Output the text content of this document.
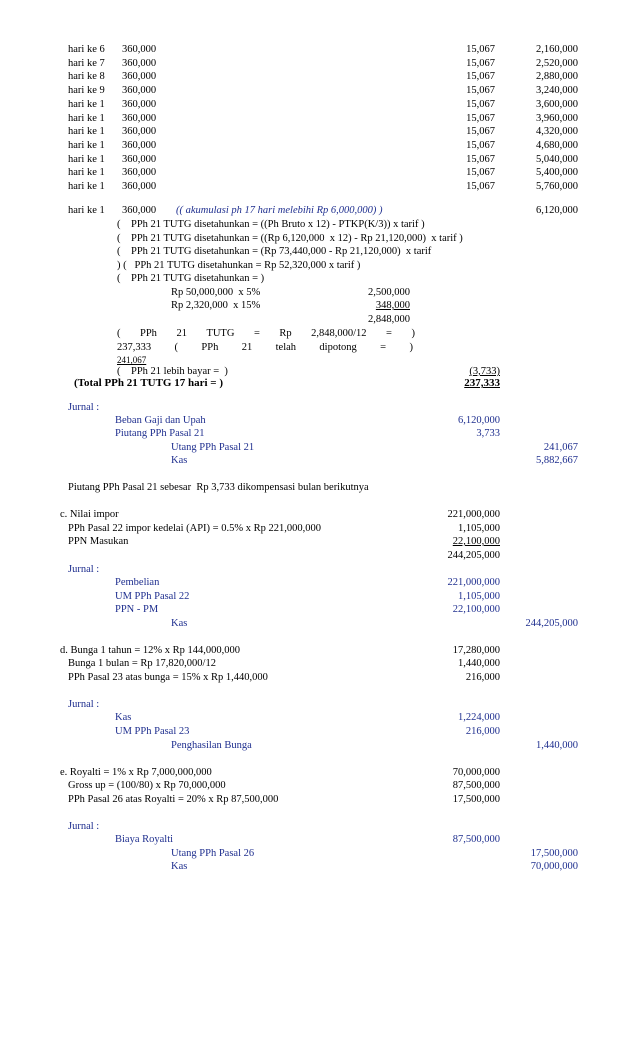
hari ke 6 360,000	15,067	2,160,000
hari ke 7 360,000	15,067	2,520,000
hari ke 8 360,000	15,067	2,880,000
hari ke 9 360,000	15,067	3,240,000
hari ke 1 360,000	15,067	3,600,000
hari ke 1 360,000	15,067	3,960,000
hari ke 1 360,000	15,067	4,320,000
hari ke 1 360,000	15,067	4,680,000
hari ke 1 360,000	15,067	5,040,000
hari ke 1 360,000	15,067	5,400,000
hari ke 1 360,000	15,067	5,760,000
hari ke 1 360,000 (( akumulasi ph 17 hari melebihi Rp 6,000,000) )	6,120,000
(    PPh 21 TUTG disetahunkan = ((Ph Bruto x 12) - PTKP(K/3)) x tarif )
(    PPh 21 TUTG disetahunkan = ((Rp 6,120,000  x 12) - Rp 21,120,000)  x tarif )
(    PPh 21 TUTG disetahunkan = (Rp 73,440,000 - Rp 21,120,000)  x tarif
) (   PPh 21 TUTG disetahunkan = Rp 52,320,000 x tarif )
(    PPh 21 TUTG disetahunkan = )
Rp 50,000,000  x 5%	2,500,000
Rp 2,320,000  x 15%	348,000
2,848,000
( PPh 21 TUTG = Rp 2,848,000/12 = )
237,333 ( PPh 21 telah dipotong = )
241,067
(    PPh 21 lebih bayar =  )	(3,733)
(Total PPh 21 TUTG 17 hari = )	237,333
Jurnal :
Beban Gaji dan Upah	6,120,000
Piutang PPh Pasal 21	3,733
Utang PPh Pasal 21	241,067
Kas	5,882,667
Piutang PPh Pasal 21 sebesar  Rp 3,733 dikompensasi bulan berikutnya
c. Nilai impor	221,000,000
PPh Pasal 22 impor kedelai (API) = 0.5% x Rp 221,000,000	1,105,000
PPN Masukan	22,100,000
244,205,000
Jurnal :
Pembelian	221,000,000
UM PPh Pasal 22	1,105,000
PPN - PM	22,100,000
Kas	244,205,000
d. Bunga 1 tahun = 12% x Rp 144,000,000	17,280,000
Bunga 1 bulan = Rp 17,820,000/12	1,440,000
PPh Pasal 23 atas bunga = 15% x Rp 1,440,000	216,000
Jurnal :
Kas	1,224,000
UM PPh Pasal 23	216,000
Penghasilan Bunga	1,440,000
e. Royalti = 1% x Rp 7,000,000,000	70,000,000
Gross up = (100/80) x Rp 70,000,000	87,500,000
PPh Pasal 26 atas Royalti = 20% x Rp 87,500,000	17,500,000
Jurnal :
Biaya Royalti	87,500,000
Utang PPh Pasal 26	17,500,000
Kas	70,000,000
